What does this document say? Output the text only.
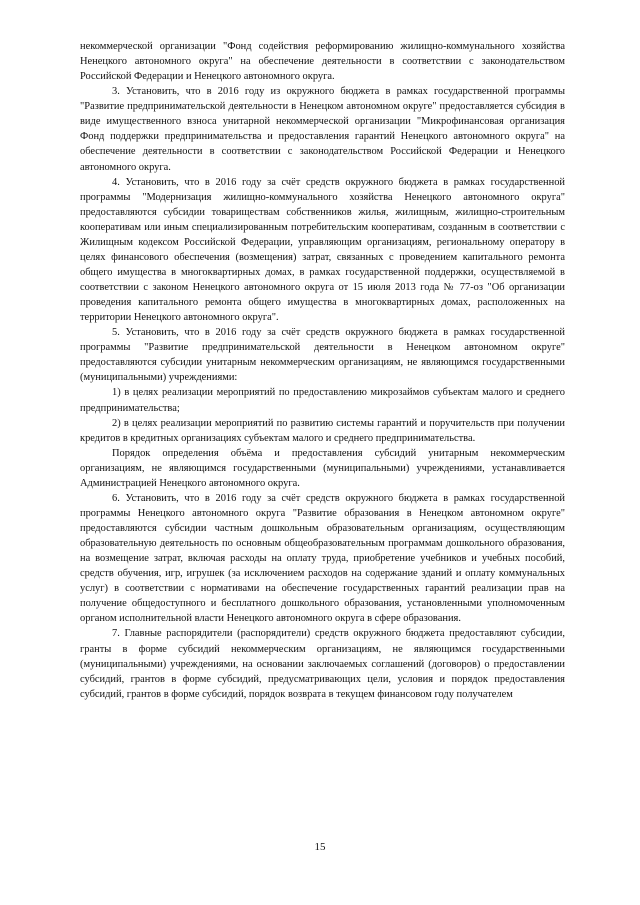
некоммерческой организации "Фонд содействия реформированию жилищно-коммунального хозяйства Ненецкого автономного округа" на обеспечение деятельности в соответствии с законодательством Российской Федерации и Ненецкого автономного округа.

3. Установить, что в 2016 году из окружного бюджета в рамках государственной программы "Развитие предпринимательской деятельности в Ненецком автономном округе" предоставляется субсидия в виде имущественного взноса унитарной некоммерческой организации "Микрофинансовая организация Фонд поддержки предпринимательства и предоставления гарантий Ненецкого автономного округа" на обеспечение деятельности в соответствии с законодательством Российской Федерации и Ненецкого автономного округа.

4. Установить, что в 2016 году за счёт средств окружного бюджета в рамках государственной программы "Модернизация жилищно-коммунального хозяйства Ненецкого автономного округа" предоставляются субсидии товариществам собственников жилья, жилищным, жилищно-строительным кооперативам или иным специализированным потребительским кооперативам, созданным в соответствии с Жилищным кодексом Российской Федерации, управляющим организациям, региональному оператору в целях финансового обеспечения (возмещения) затрат, связанных с проведением капитального ремонта общего имущества в многоквартирных домах, в рамках государственной поддержки, осуществляемой в соответствии с законом Ненецкого автономного округа от 15 июля 2013 года № 77-оз "Об организации проведения капитального ремонта общего имущества в многоквартирных домах, расположенных на территории Ненецкого автономного округа".

5. Установить, что в 2016 году за счёт средств окружного бюджета в рамках государственной программы "Развитие предпринимательской деятельности в Ненецком автономном округе" предоставляются субсидии унитарным некоммерческим организациям, не являющимся государственными (муниципальными) учреждениями:

1) в целях реализации мероприятий по предоставлению микрозаймов субъектам малого и среднего предпринимательства;

2) в целях реализации мероприятий по развитию системы гарантий и поручительств при получении кредитов в кредитных организациях субъектам малого и среднего предпринимательства.

Порядок определения объёма и предоставления субсидий унитарным некоммерческим организациям, не являющимся государственными (муниципальными) учреждениями, устанавливается Администрацией Ненецкого автономного округа.

6. Установить, что в 2016 году за счёт средств окружного бюджета в рамках государственной программы Ненецкого автономного округа "Развитие образования в Ненецком автономном округе" предоставляются субсидии частным дошкольным образовательным организациям, осуществляющим образовательную деятельность по основным общеобразовательным программам дошкольного образования, на возмещение затрат, включая расходы на оплату труда, приобретение учебников и учебных пособий, средств обучения, игр, игрушек (за исключением расходов на содержание зданий и оплату коммунальных услуг) в соответствии с нормативами на обеспечение государственных гарантий реализации прав на получение общедоступного и бесплатного дошкольного образования, установленными уполномоченным органом исполнительной власти Ненецкого автономного округа в сфере образования.

7. Главные распорядители (распорядители) средств окружного бюджета предоставляют субсидии, гранты в форме субсидий некоммерческим организациям, не являющимся государственными (муниципальными) учреждениями, на основании заключаемых соглашений (договоров) о предоставлении субсидий, грантов в форме субсидий, предусматривающих цели, условия и порядок предоставления субсидий, грантов в форме субсидий, порядок возврата в текущем финансовом году получателем

15
